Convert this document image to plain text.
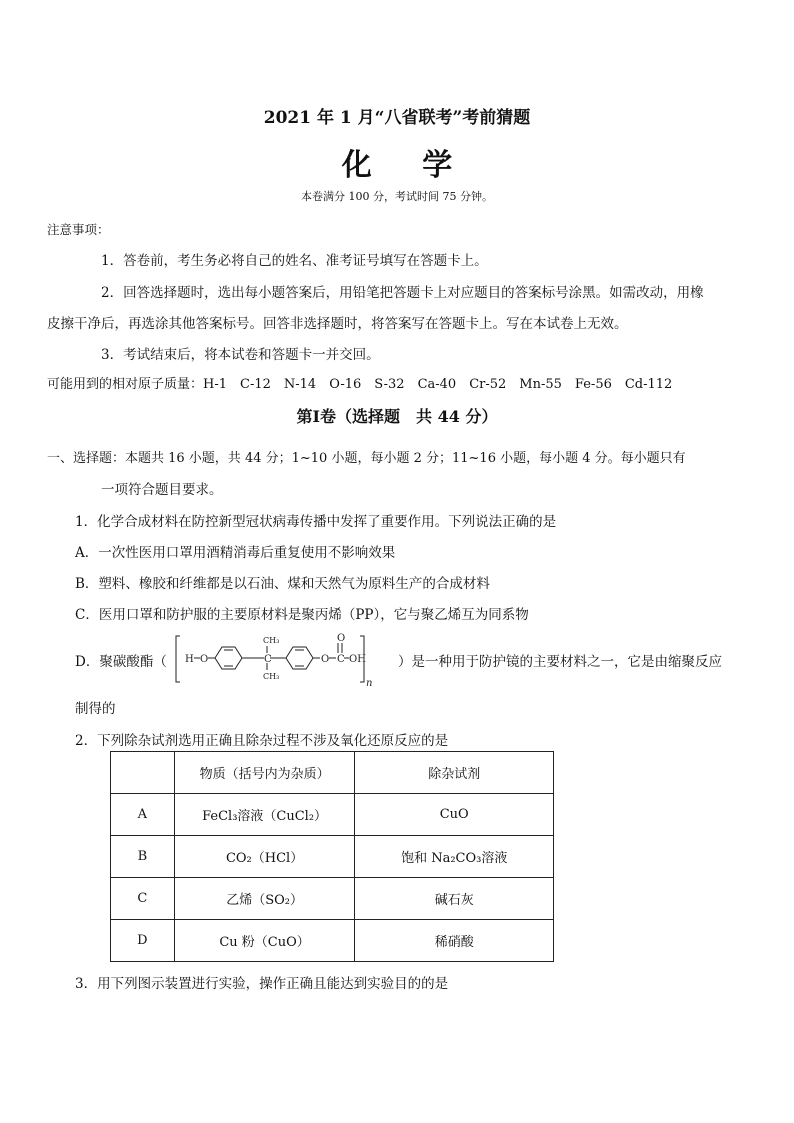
2021 年 1 月“八省联考”考前猜题
化 学
本卷满分 100 分，考试时间 75 分钟。
注意事项：
1．答卷前，考生务必将自己的姓名、准考证号填写在答题卡上。
2．回答选择题时，选出每小题答案后，用铅笔把答题卡上对应题目的答案标号涂黑。如需改动，用橡
皮擦干净后，再选涂其他答案标号。回答非选择题时，将答案写在答题卡上。写在本试卷上无效。
3．考试结束后，将本试卷和答题卡一并交回。
可能用到的相对原子质量：H-1　C-12　N-14　O-16　S-32　Ca-40　Cr-52　Mn-55　Fe-56　Cd-112
第Ⅰ卷（选择题　共 44 分）
一、选择题：本题共 16 小题，共 44 分；1~10 小题，每小题 2 分；11~16 小题，每小题 4 分。每小题只有
一项符合题目要求。
1．化学合成材料在防控新型冠状病毒传播中发挥了重要作用。下列说法正确的是
A．一次性医用口罩用酒精消毒后重复使用不影响效果
B．塑料、橡胶和纤维都是以石油、煤和天然气为原料生产的合成材料
C．医用口罩和防护服的主要原材料是聚丙烯（PP），它与聚乙烯互为同系物
D．聚碳酸酯（ H O
CH₃
C
CH₃
O
O
C OH
n
）是一种用于防护镜的主要材料之一，它是由缩聚反应
制得的
2．下列除杂试剂选用正确且除杂过程不涉及氧化还原反应的是
	物质（括号内为杂质）	除杂试剂
A	FeCl₃溶液（CuCl₂）	CuO
B	CO₂（HCl）	饱和 Na₂CO₃溶液
C	乙烯（SO₂）	碱石灰
D	Cu 粉（CuO）	稀硝酸
3．用下列图示装置进行实验，操作正确且能达到实验目的的是
